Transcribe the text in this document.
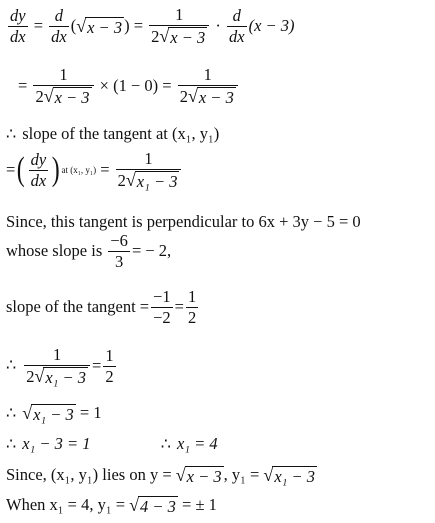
$\frac{dy}{dx} = \frac{d}{dx}$ ( √ x − 3 ) = $\frac{1}{2 √ x - 3} \cdot \frac{d}{dx} (x - 3)$
= $\frac{1}{2 √ x - 3}$
× $(1 - 0) = \frac{1}{2 √ x - 3}$
∴ slope of the tangent at (x₁, y₁)
= ( $\frac{dy}{dx}$ ) at (x₁, $y_1) = \frac{1}{\text{2 √ x₁ − 3}}$
Since, this tangent is perpendicular to 6x + 3y − 5 = 0
whose slope is
$\frac{-6}{3}$ = − 2,
slope of the tangent = $\frac{-1}{-2} = \frac{1}{2}$
∴ $\frac{1}{\text{2 √ x₁ − 3}} = \frac{1}{2}$
∴ √ x₁ − 3
= 1
∴ x₁ − 3 = 1	∴ x₁ = 4
Since, (x₁, y₁) lies on y =
√ x − 3 , y₁ =
√ x₁ − 3
When x₁ = 4, y₁ =
√ 4 − 3
= ± 1
